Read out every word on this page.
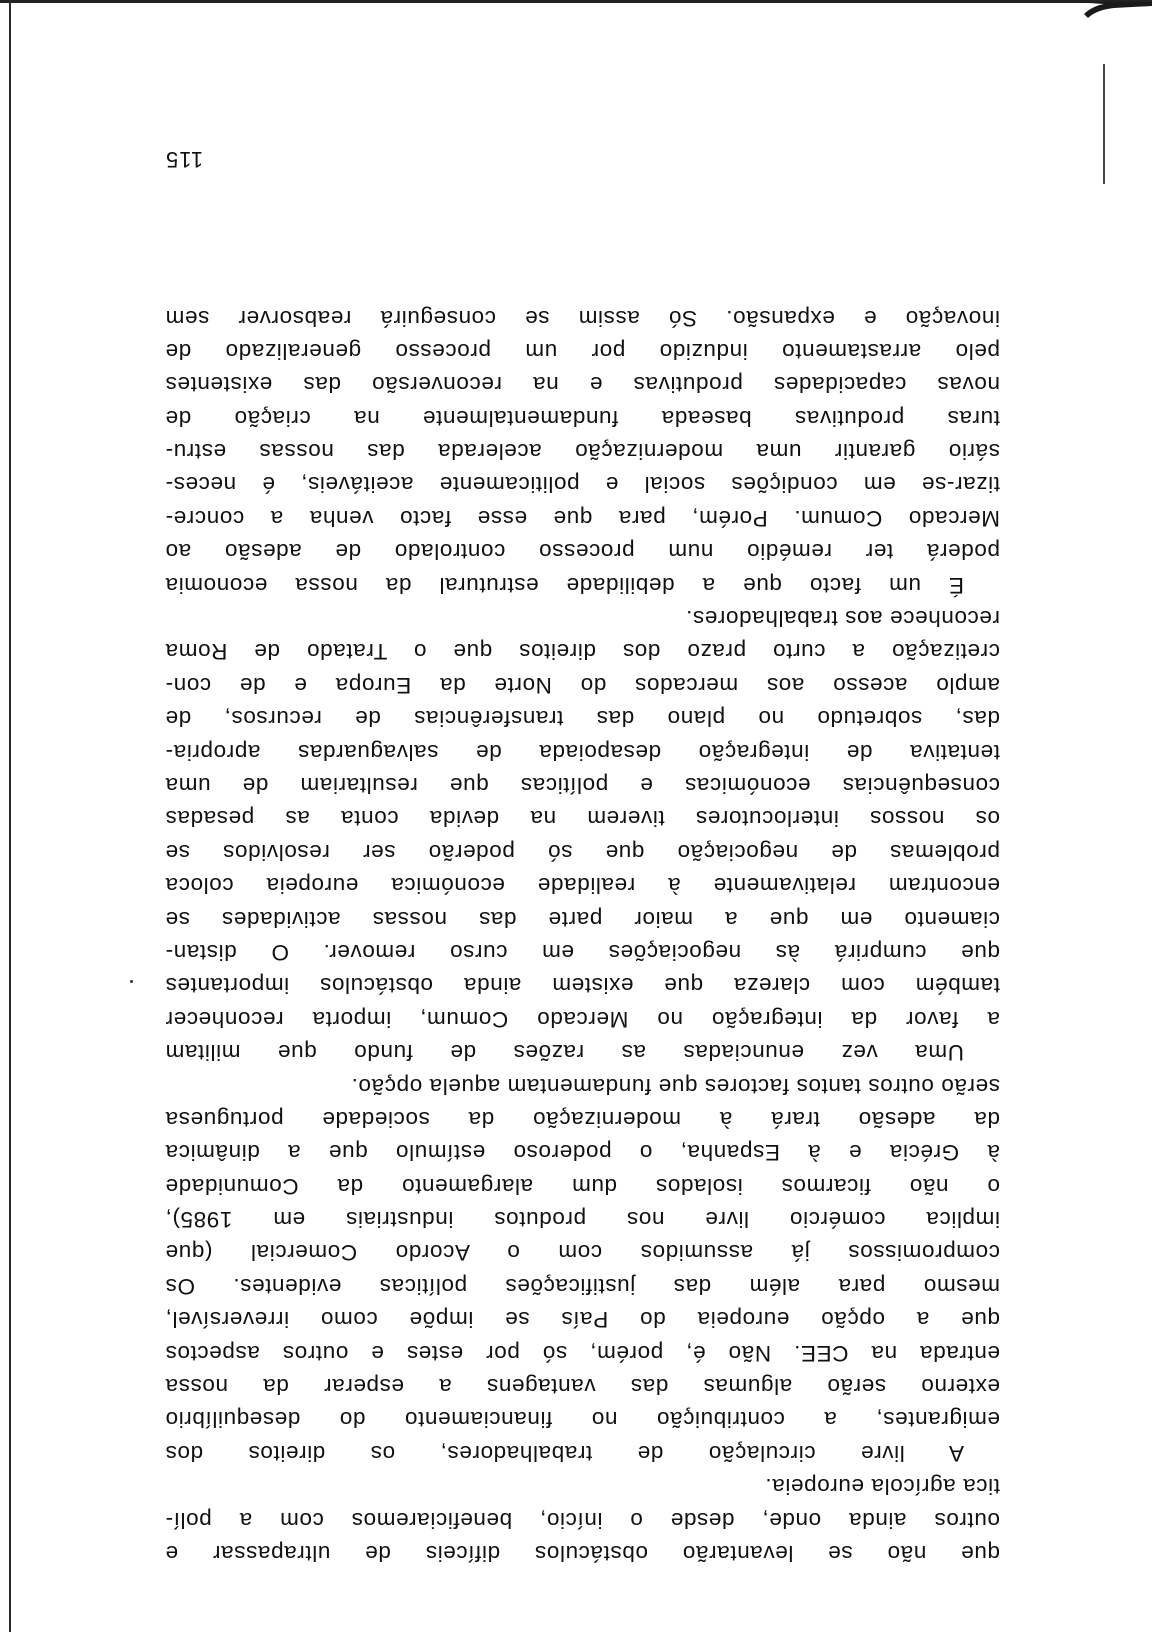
que não se levantarão obstáculos difíceis de ultrapassar e
outros ainda onde, desde o início, beneficiaremos com a polí-
tica agrícola europeia.
A livre circulação de trabalhadores, os direitos dos
emigrantes, a contribuição no financiamento do desequilíbrio
externo serão algumas das vantagens a esperar da nossa
entrada na CEE. Não é, porém, só por estes e outros aspectos
que a opção europeia do País se impõe como irreversível,
mesmo para além das justificações políticas evidentes. Os
compromissos já assumidos com o Acordo Comercial (que
implica comércio livre nos produtos industriais em 1985),
o não ficarmos isolados dum alargamento da Comunidade
à Grécia e à Espanha, o poderoso estímulo que a dinâmica
da adesão trará à modernização da sociedade portuguesa
serão outros tantos factores que fundamentam aquela opção.
Uma vez enunciadas as razões de fundo que militam
a favor da integração no Mercado Comum, importa reconhecer
também com clareza que existem ainda obstáculos importantes
que cumprirá às negociações em curso remover. O distan-
ciamento em que a maior parte das nossas actividades se
encontram relativamente à realidade económica europeia coloca
problemas de negociação que só poderão ser resolvidos se
os nossos interlocutores tiverem na devida conta as pesadas
consequências económicas e políticas que resultariam de uma
tentativa de integração desapoiada de salvaguardas apropria-
das, sobretudo no plano das transferências de recursos, de
amplo acesso aos mercados do Norte da Europa e de con-
cretização a curto prazo dos direitos que o Tratado de Roma
reconhece aos trabalhadores.
É um facto que a debilidade estrutural da nossa economia
poderá ter remédio num processo controlado de adesão ao
Mercado Comum. Porém, para que esse facto venha a concre-
tizar-se em condições social e politicamente aceitáveis, é neces-
sário garantir uma modernização acelerada das nossas estru-
turas produtivas baseada fundamentalmente na criação de
novas capacidades produtivas e na reconversão das existentes
pelo arrastamento induzido por um processo generalizado de
inovação e expansão. Só assim se conseguirá reabsorver sem
115
